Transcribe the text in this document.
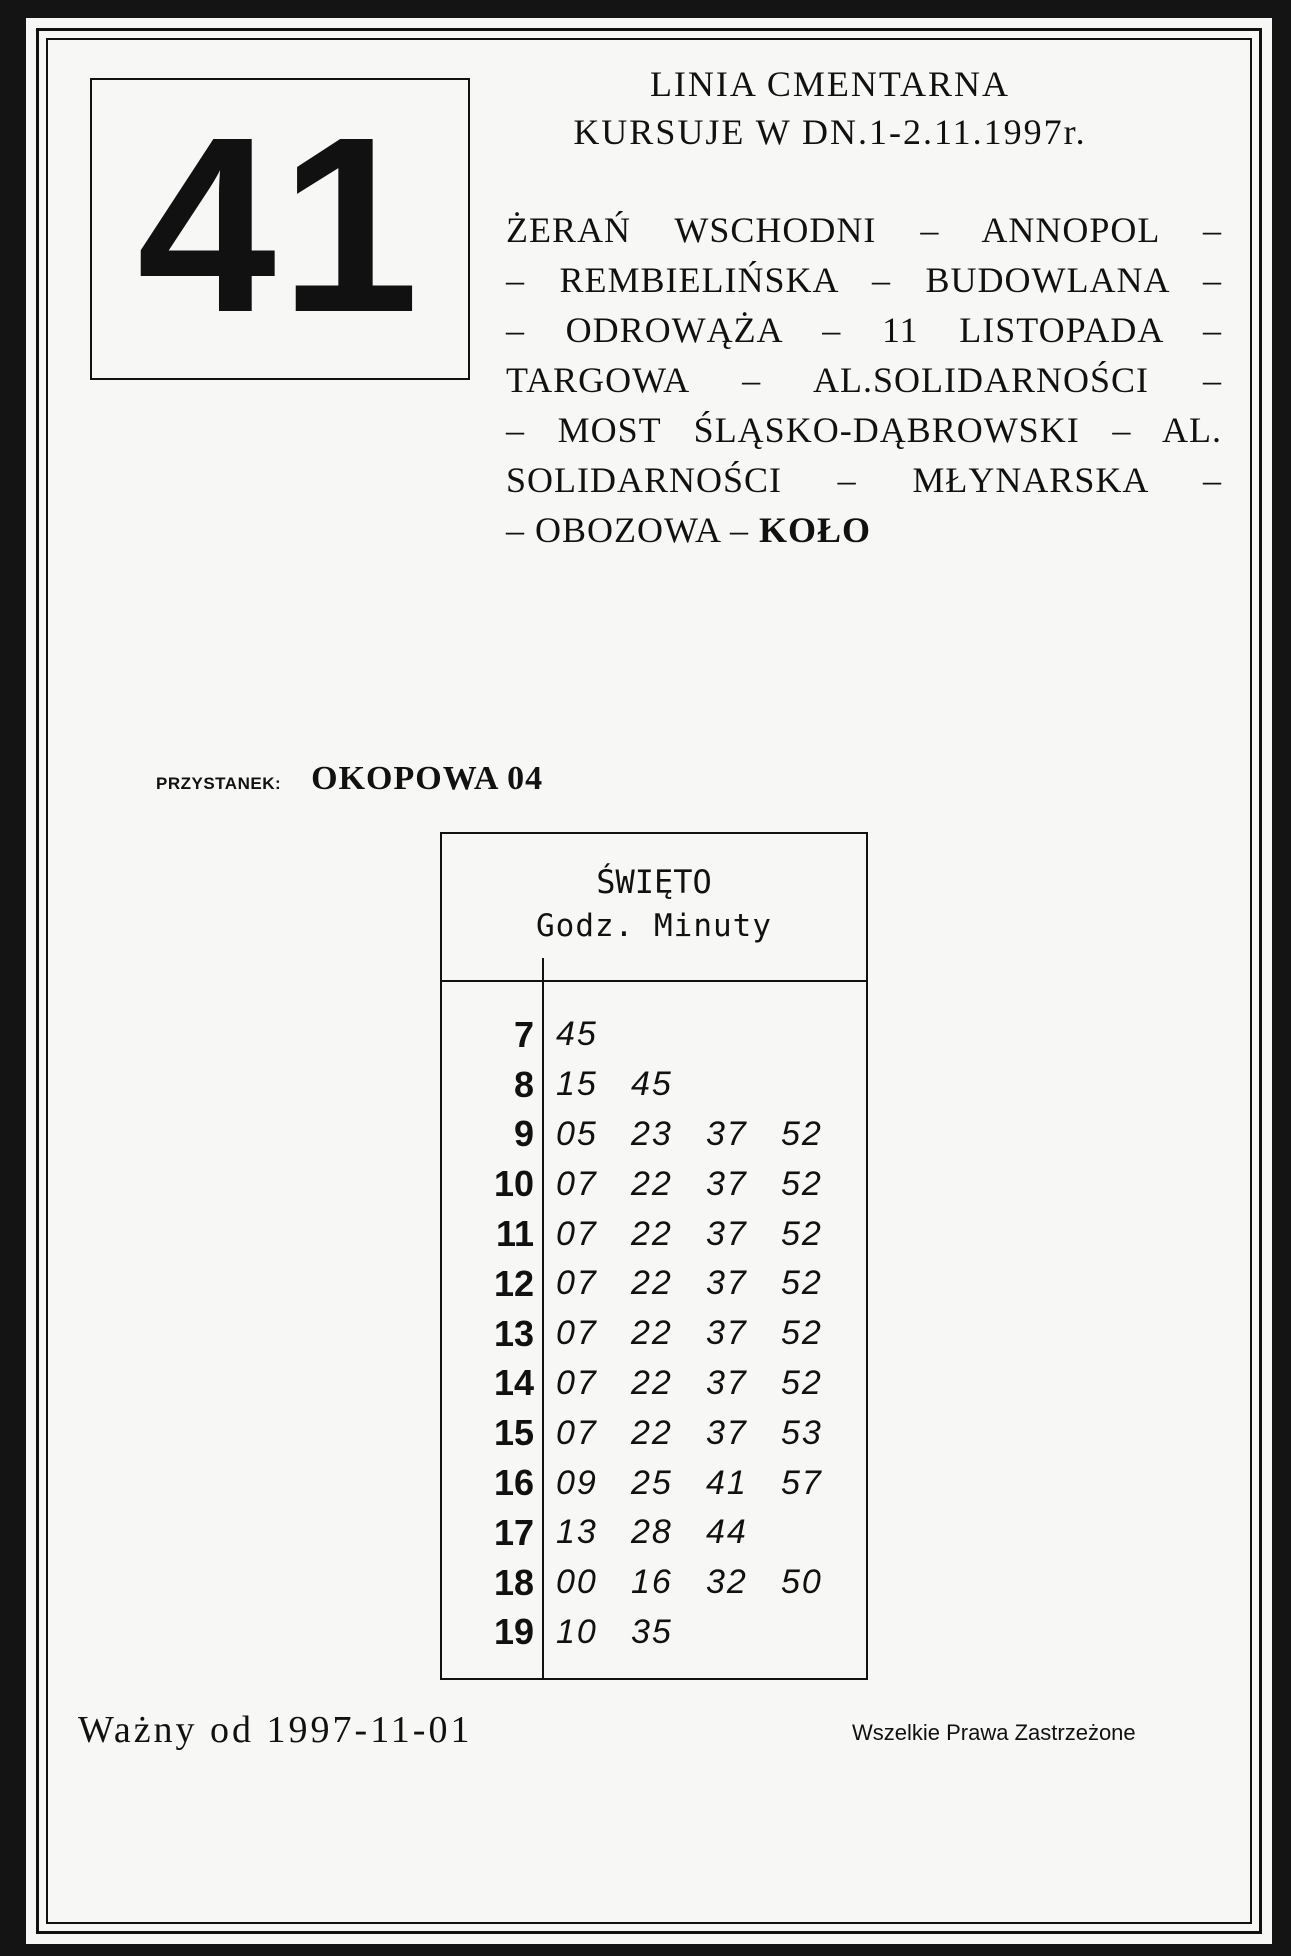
41
LINIA CMENTARNA
KURSUJE W DN.1-2.11.1997r.
ŻERAŃ WSCHODNI – ANNOPOL –
– REMBIELIŃSKA – BUDOWLANA –
– ODROWĄŻA – 11 LISTOPADA –
TARGOWA – AL.SOLIDARNOŚCI –
– MOST ŚLĄSKO-DĄBROWSKI – AL.
SOLIDARNOŚCI – MŁYNARSKA –
– OBOZOWA – KOŁO
PRZYSTANEK: OKOPOWA 04
ŚWIĘTO
Godz. Minuty
7 45
8 15 45
9 05 23 37 52
10 07 22 37 52
11 07 22 37 52
12 07 22 37 52
13 07 22 37 52
14 07 22 37 52
15 07 22 37 53
16 09 25 41 57
17 13 28 44
18 00 16 32 50
19 10 35
Ważny od 1997-11-01	Wszelkie Prawa Zastrzeżone
